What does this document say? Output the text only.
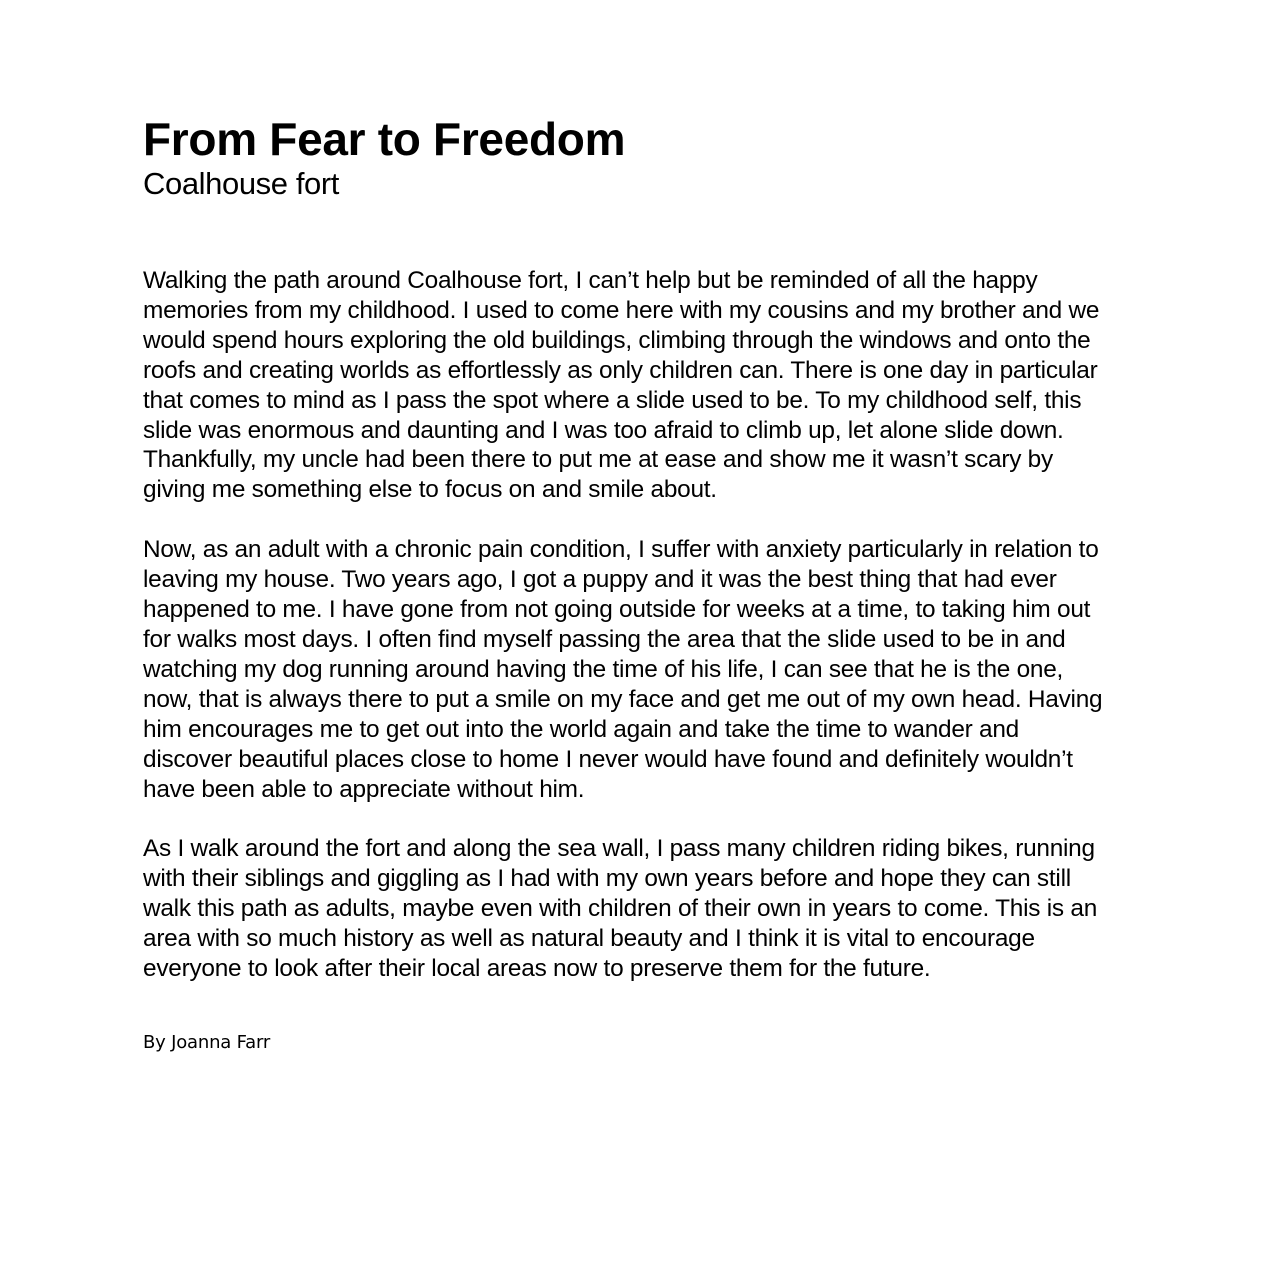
From Fear to Freedom
Coalhouse fort

Walking the path around Coalhouse fort, I can’t help but be reminded of all the happy memories from my childhood. I used to come here with my cousins and my brother and we would spend hours exploring the old buildings, climbing through the windows and onto the roofs and creating worlds as effortlessly as only children can. There is one day in particular that comes to mind as I pass the spot where a slide used to be. To my childhood self, this slide was enormous and daunting and I was too afraid to climb up, let alone slide down. Thankfully, my uncle had been there to put me at ease and show me it wasn’t scary by giving me something else to focus on and smile about.

Now, as an adult with a chronic pain condition, I suffer with anxiety particularly in relation to leaving my house. Two years ago, I got a puppy and it was the best thing that had ever happened to me. I have gone from not going outside for weeks at a time, to taking him out for walks most days. I often find myself passing the area that the slide used to be in and watching my dog running around having the time of his life, I can see that he is the one, now, that is always there to put a smile on my face and get me out of my own head. Having him encourages me to get out into the world again and take the time to wander and discover beautiful places close to home I never would have found and definitely wouldn’t have been able to appreciate without him.

As I walk around the fort and along the sea wall, I pass many children riding bikes, running with their siblings and giggling as I had with my own years before and hope they can still walk this path as adults, maybe even with children of their own in years to come. This is an area with so much history as well as natural beauty and I think it is vital to encourage everyone to look after their local areas now to preserve them for the future.

By Joanna Farr
